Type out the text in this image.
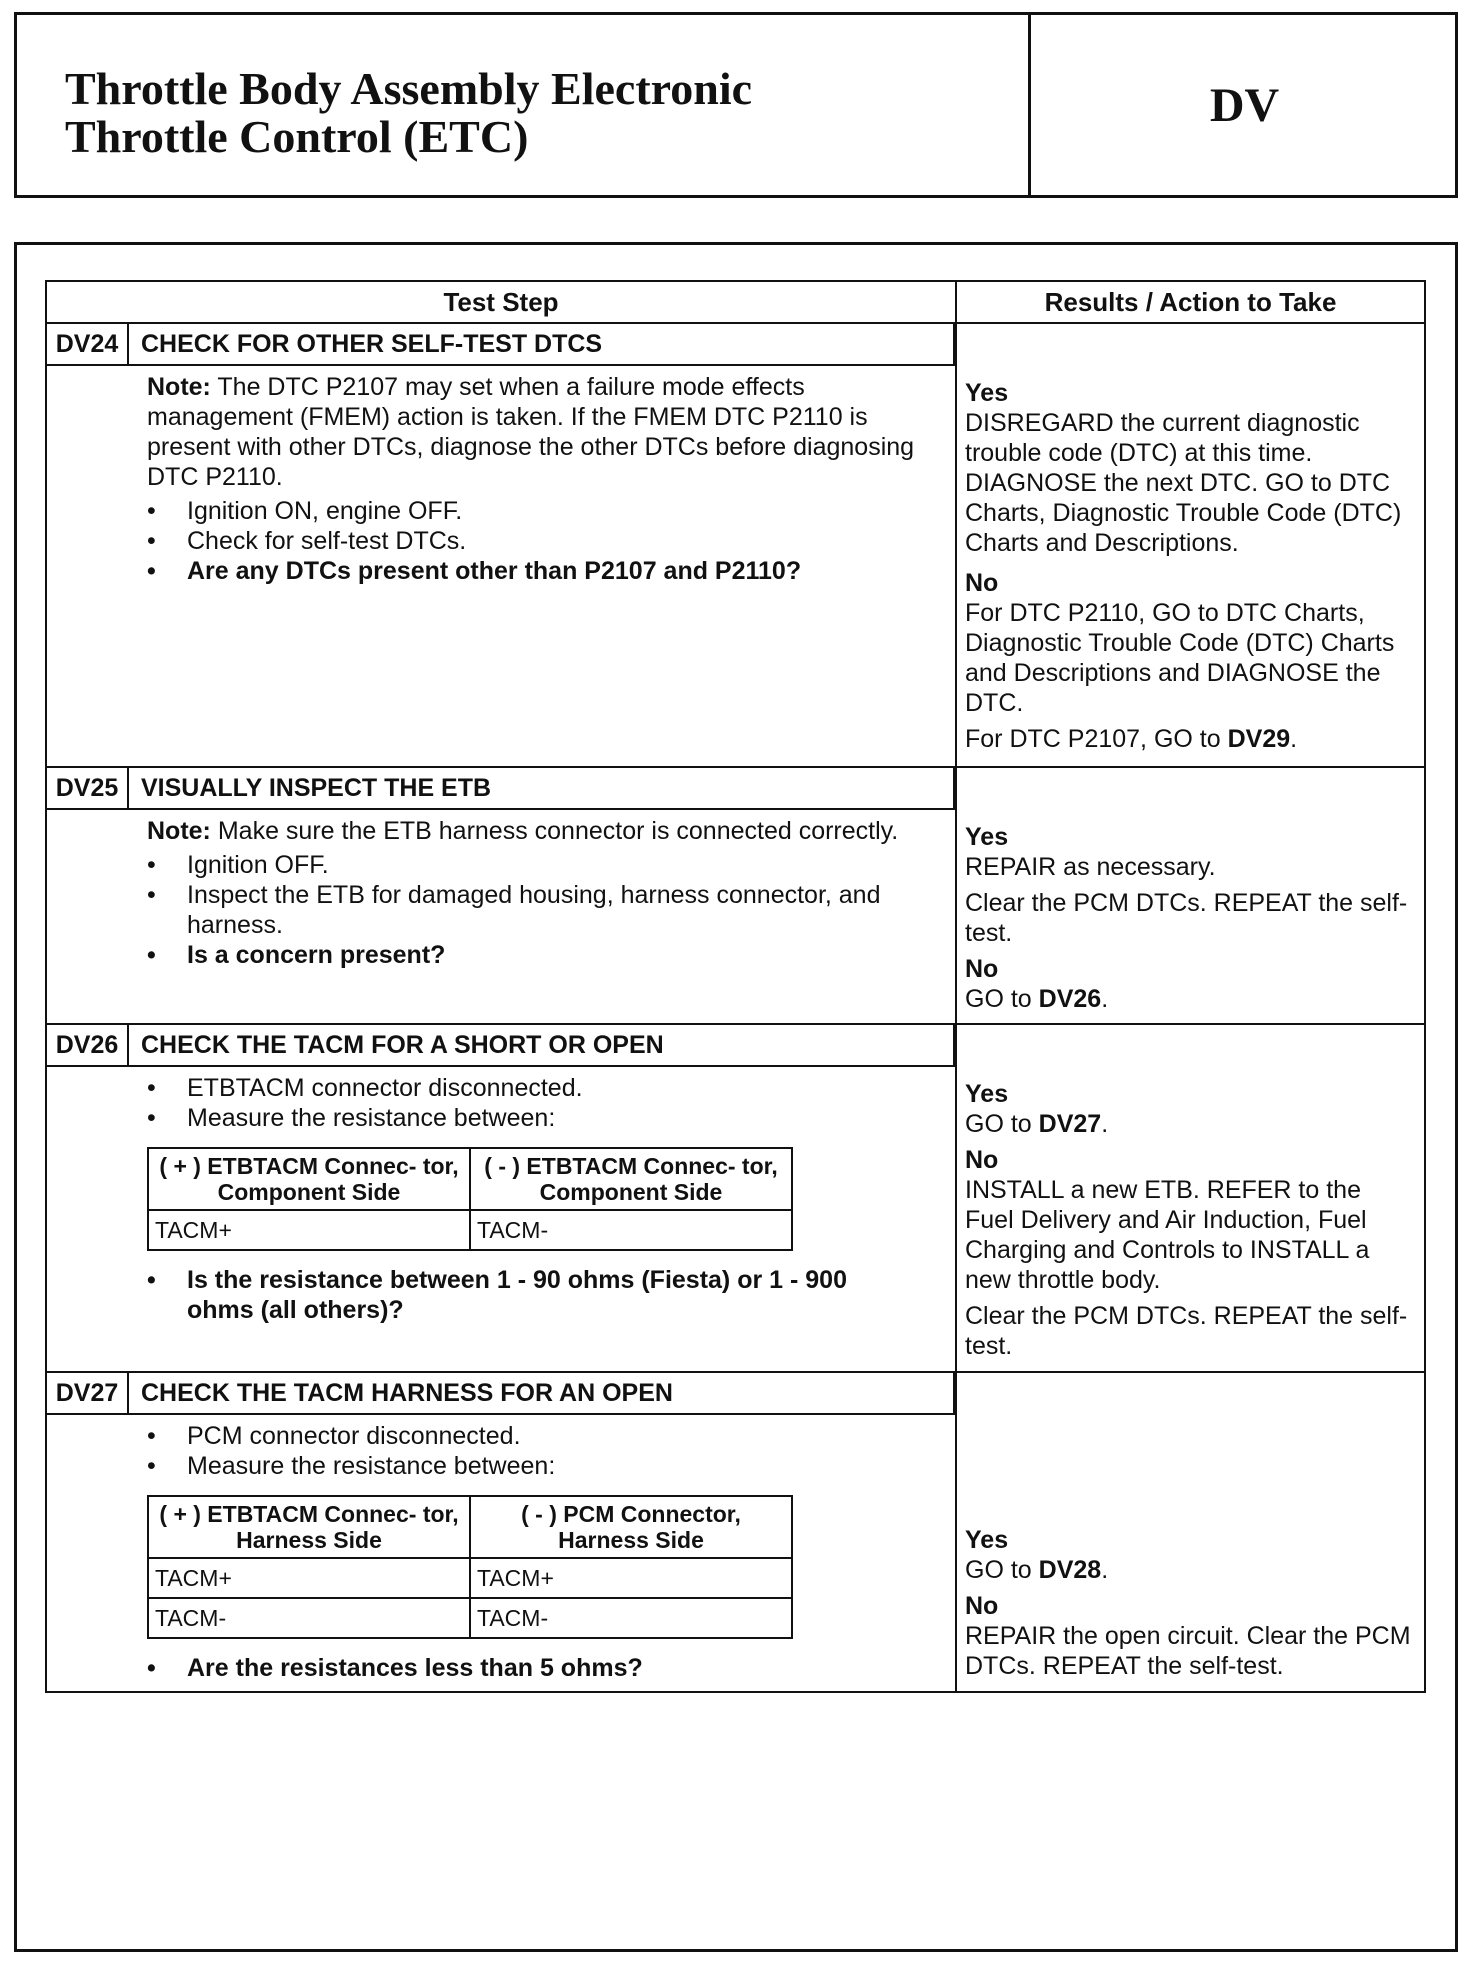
Throttle Body Assembly Electronic
Throttle Control (ETC)
DV
Test Step	Results / Action to Take

DV24 CHECK FOR OTHER SELF-TEST DTCS
Note: The DTC P2107 may set when a failure mode effects management (FMEM) action is taken. If the FMEM DTC P2110 is present with other DTCs, diagnose the other DTCs before diagnosing DTC P2110.
• Ignition ON, engine OFF.
• Check for self-test DTCs.
• Are any DTCs present other than P2107 and P2110?

Yes
DISREGARD the current diagnostic trouble code (DTC) at this time. DIAGNOSE the next DTC. GO to DTC Charts, Diagnostic Trouble Code (DTC) Charts and Descriptions.
No
For DTC P2110, GO to DTC Charts, Diagnostic Trouble Code (DTC) Charts and Descriptions and DIAGNOSE the DTC.
For DTC P2107, GO to DV29.

DV25 VISUALLY INSPECT THE ETB
Note: Make sure the ETB harness connector is connected correctly.
• Ignition OFF.
• Inspect the ETB for damaged housing, harness connector, and harness.
• Is a concern present?

Yes
REPAIR as necessary.
Clear the PCM DTCs. REPEAT the self-test.
No
GO to DV26.

DV26 CHECK THE TACM FOR A SHORT OR OPEN
• ETBTACM connector disconnected.
• Measure the resistance between:
( + ) ETBTACM Connec- tor, Component Side	( - ) ETBTACM Connec- tor, Component Side
TACM+	TACM-
• Is the resistance between 1 - 90 ohms (Fiesta) or 1 - 900 ohms (all others)?

Yes
GO to DV27.
No
INSTALL a new ETB. REFER to the Fuel Delivery and Air Induction, Fuel Charging and Controls to INSTALL a new throttle body.
Clear the PCM DTCs. REPEAT the self-test.

DV27 CHECK THE TACM HARNESS FOR AN OPEN
• PCM connector disconnected.
• Measure the resistance between:
( + ) ETBTACM Connec- tor, Harness Side	( - ) PCM Connector, Harness Side
TACM+	TACM+
TACM-	TACM-
• Are the resistances less than 5 ohms?

Yes
GO to DV28.
No
REPAIR the open circuit. Clear the PCM DTCs. REPEAT the self-test.
